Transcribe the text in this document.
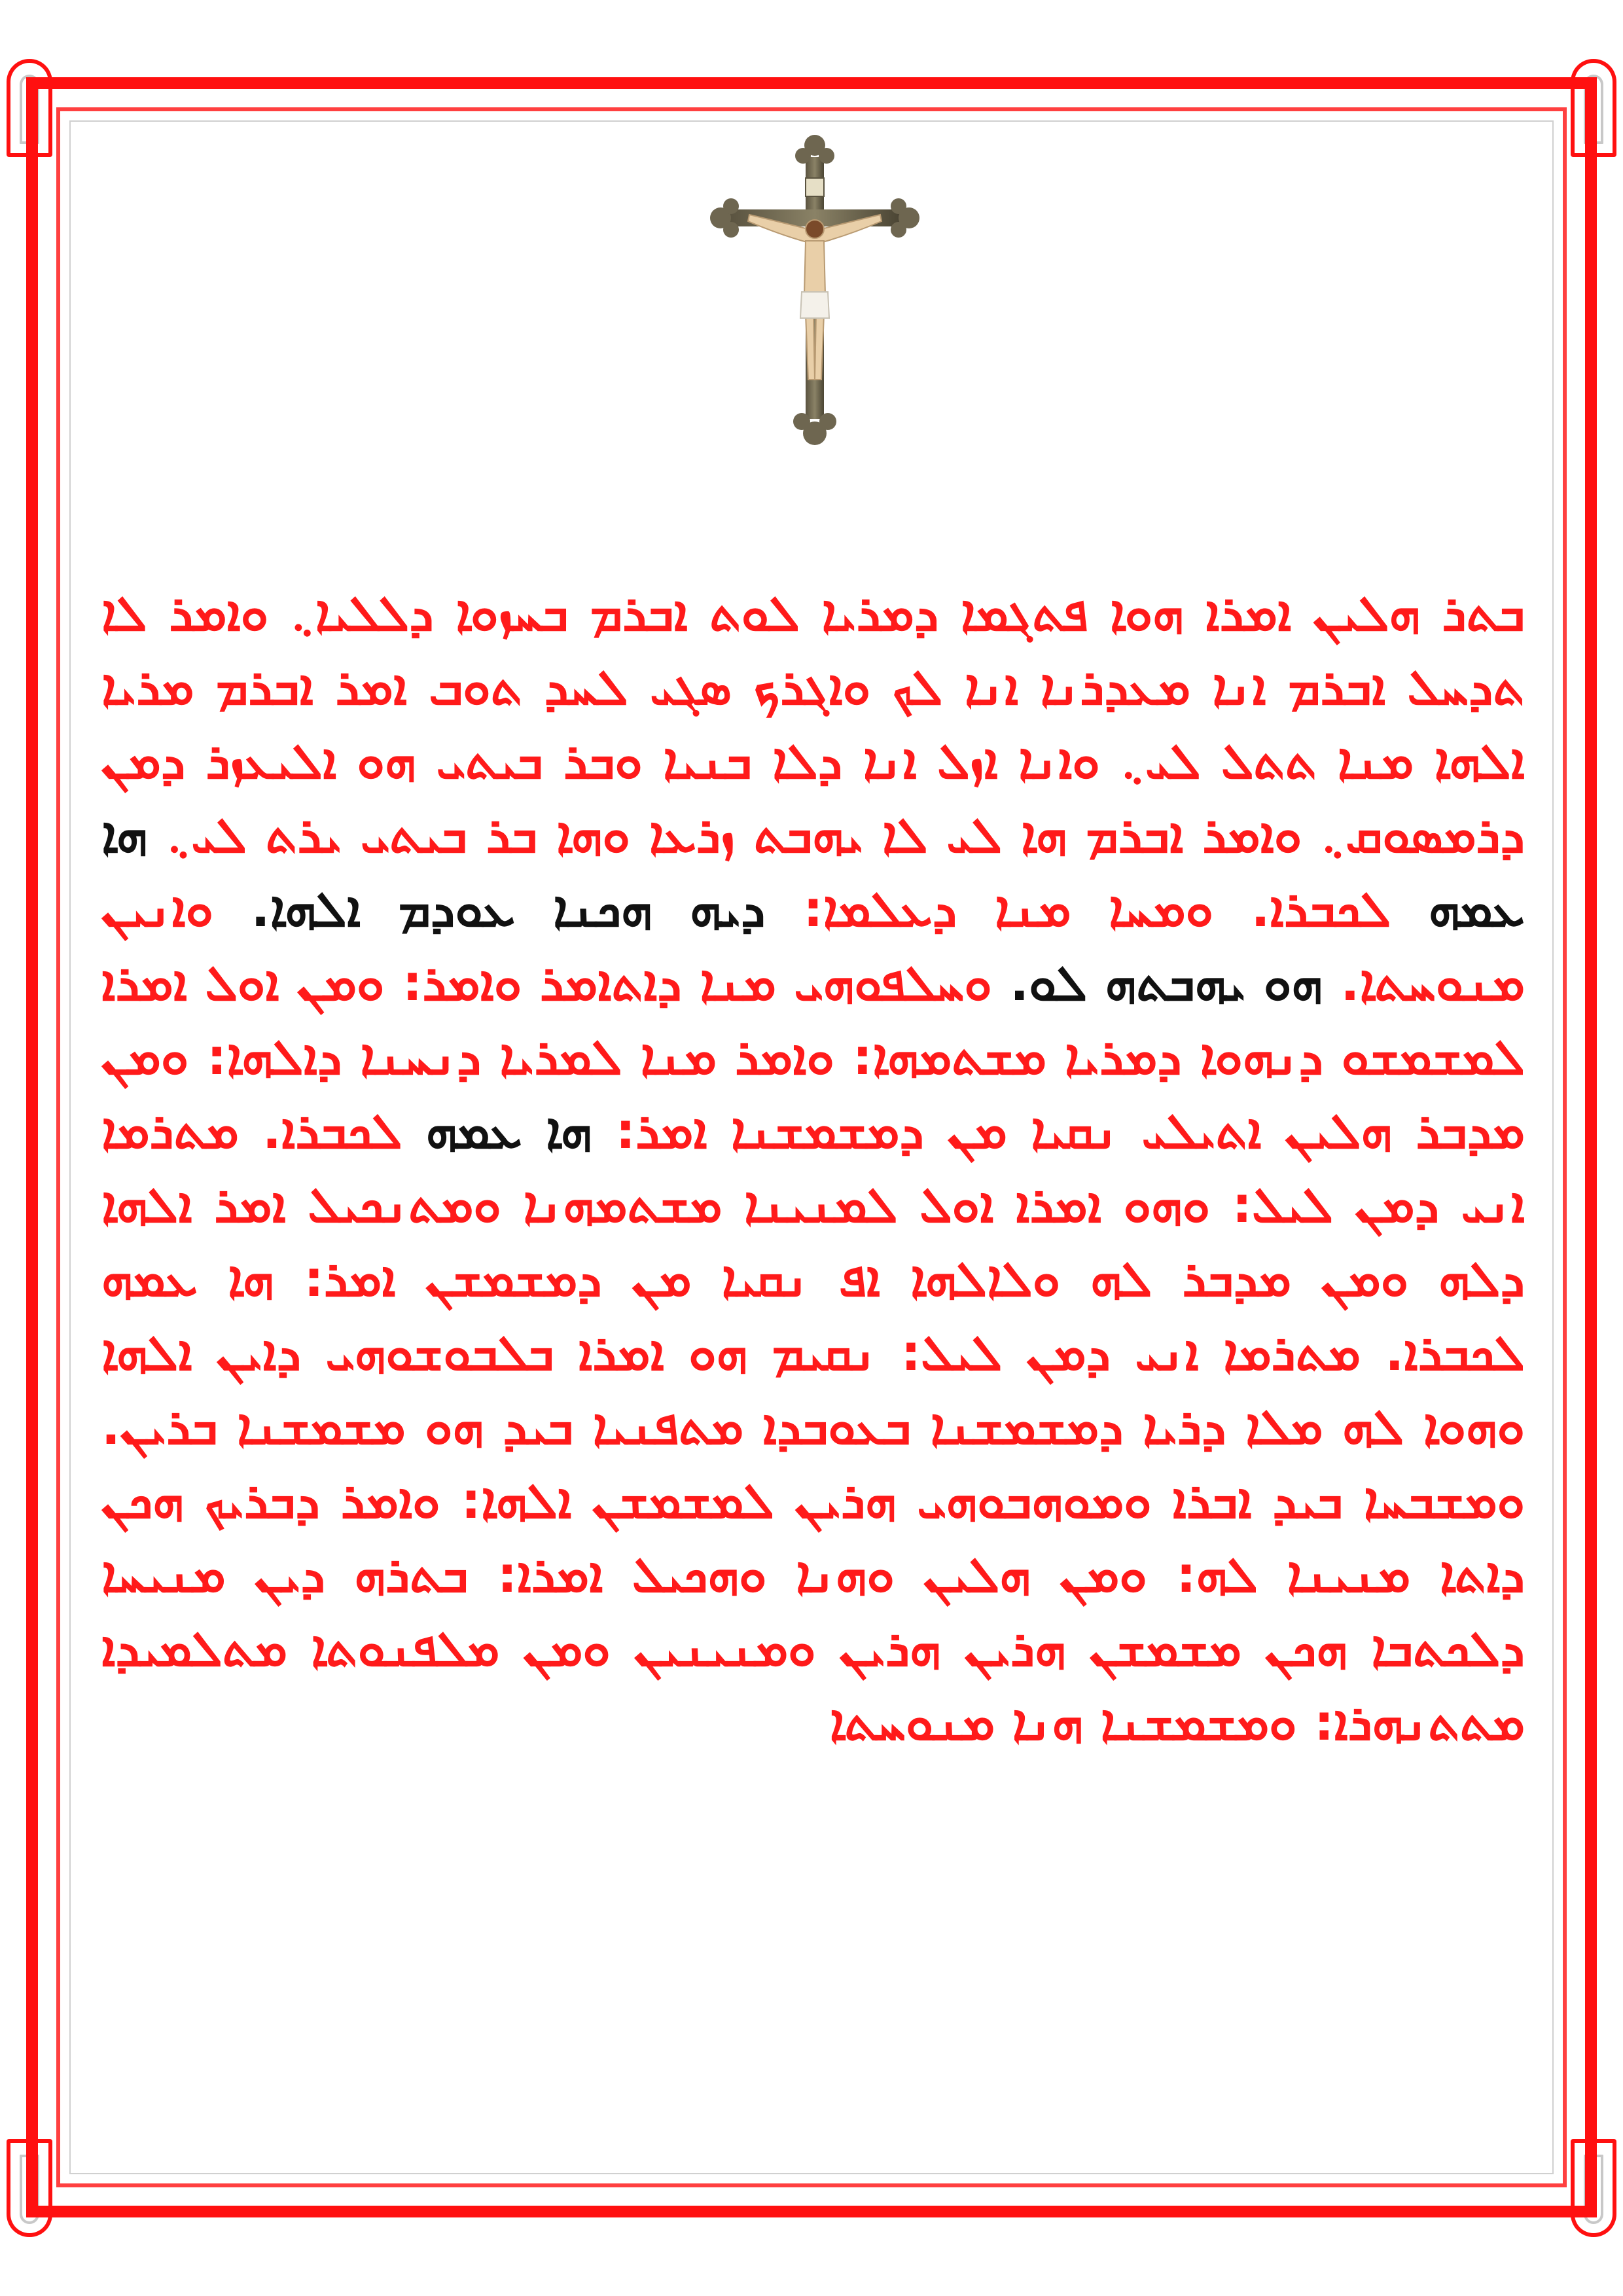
ܒܬܪ ܗܠܝܢ ܐܡܪܐ ܗܘܐ ܦܬܓܡܐ ܕܡܪܝܐ ܠܘܬ ܐܒܪܡ ܒܚܙܘܐ ܕܠܠܝܐ܆ ܘܐܡܪ ܠܐ ܬܕܚܠ ܐܒܪܡ ܐܢܐ ܡܥܕܪܢܐ ܐܢܐ ܠܟ ܘܐܓܪܟ ܣܓܝ ܠܚܕ ܬܘܒ ܐܡܪ ܐܒܪܡ ܡܪܝܐ ܐܠܗܐ ܡܢܐ ܬܬܠ ܠܝ܆ ܘܐܢܐ ܐܙܠ ܐܢܐ ܕܠܐ ܒܢܝܐ ܘܒܪ ܒܝܬܝ ܗܘ ܐܠܝܥܙܪ ܕܡܢ ܕܪܡܣܘܩ܆ ܘܐܡܪ ܐܒܪܡ ܗܐ ܠܝ ܠܐ ܝܗܒܬ ܙܪܥܐ ܘܗܐ ܒܪ ܒܝܬܝ ܝܪܬ ܠܝ܆ ܗܐ ܥܡܗ ܠܟܒܪܐ. ܘܡܚܐ ܡܢܐ ܕܥܠܡܐ: ܕܝܗ ܗܟܢܐ ܥܘܕܡ ܐܠܗܐ. ܘܐܢܝܢ ܡܢܘܚܬܐ. ܗܘ ܝܗܒܬܗ ܠܘ. ܘܚܠܦܘܗܝ ܡܢܐ ܕܐܬܐܡܪ ܘܐܡܪ: ܘܡܢ ܐܘܠ ܐܡܪܐ ܠܡܫܡܫܘ ܕܢܗܘܐ ܕܡܪܝܐ ܡܫܬܡܗܐ: ܘܐܡܪ ܡܢܐ ܠܡܪܝܐ ܕܢܚܢܐ ܕܐܠܗܐ: ܘܡܢ ܡܕܒܪ ܗܠܝܢ ܐܬܝܠܝ ܢܩܝܐ ܡܢ ܕܡܫܡܫܢܐ ܐܡܪ: ܗܐ ܥܡܗ ܠܟܒܪܐ. ܡܬܪܡܐ ܐܢܝ ܕܡܢ ܠܝܠ: ܘܗܘ ܐܡܪܐ ܐܘܠ ܠܡܢܝܢܐ ܡܫܬܡܗܢܐ ܘܡܬܢܟܝܠ ܐܡܪ ܐܠܗܐ ܕܠܗ ܘܡܢ ܡܕܒܪ ܠܗ ܘܠܐܠܗܐ ܐܦ ܢܩܝܐ ܡܢ ܕܡܫܡܫܢ ܐܡܪ: ܗܐ ܥܡܗ ܠܟܒܪܐ. ܡܬܪܡܐ ܐܢܝ ܕܡܢ ܠܝܠ: ܢܩܝܡ ܗܘ ܐܡܪܐ ܒܠܒܘܫܘܗܝ ܕܐܝܢ ܐܠܗܐ ܘܗܘܐ ܠܗ ܡܠܐ ܕܪܝܐ ܕܡܫܡܫܢܐ ܒܥܘܒܕܐ ܡܬܦܢܝܐ ܒܝܕ ܗܘ ܡܫܡܫܢܐ ܒܪܝܢ. ܘܡܫܒܚܐ ܒܝܕ ܐܒܪܐ ܘܡܘܗܒܘܗܝ ܗܪܝܢ ܠܡܫܡܫܢ ܐܠܗܐ: ܘܐܡܪ ܕܒܪܝܟ ܗܟܢ ܕܐܬܐ ܡܢܝܢܐ ܠܗ: ܘܡܢ ܗܠܝܢ ܘܗܢܐ ܘܗܟܝܠ ܐܡܪܐ: ܒܬܪܗ ܕܝܢ ܡܢܝܚܐ ܕܠܟܬܒܐ ܗܟܢ ܡܫܡܫܢ ܗܪܝܢ ܗܪܝܢ ܘܡܢܝܢܝܢ ܘܡܢ ܡܠܦܢܘܬܐ ܡܬܠܡܝܕܐ ܡܬܬܢܗܪܐ: ܘܡܫܡܫܢܐ ܗܢܐ ܡܢܘܚܬܐ
